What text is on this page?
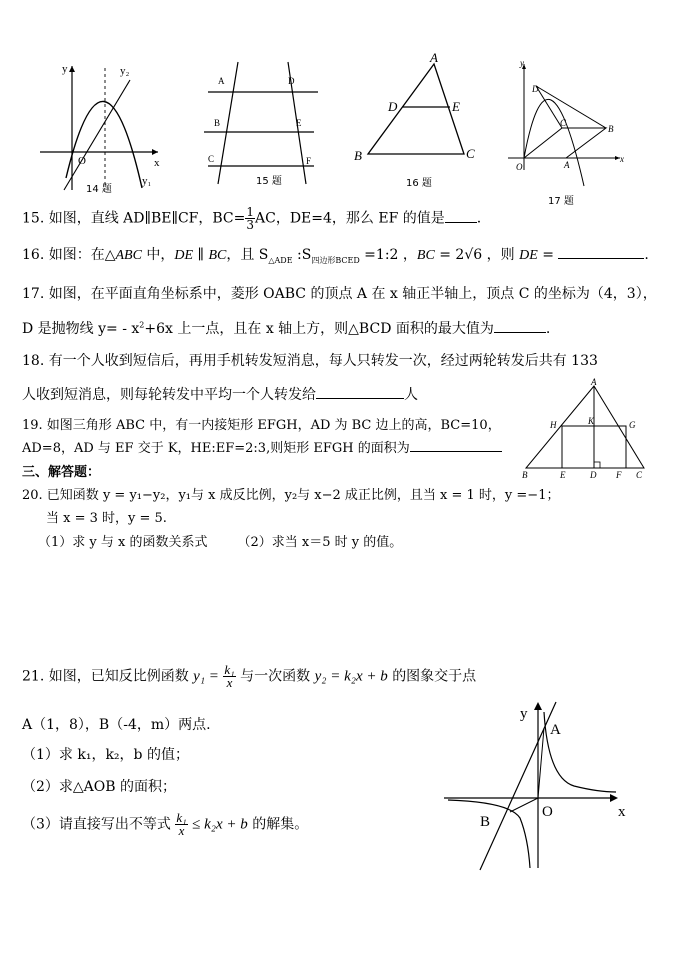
y	y₂
O	x
y₁
14 题
A	D
B	E
C	F
15 题
A
D	E
B	C
16 题
y
D
C
B
O	A
x
17 题
15. 如图，直线 AD∥BE∥CF，$BC= \frac{1}{3}$ AC，DE=4，那么 EF 的值是 .
16. 如图：在△ABC 中，DE ∥ BC，且 $S_{\triangle ADE}$ $:S_{四边形BCED}$ =1:2 ，BC = 2√6 ，则 DE =	.
17. 如图，在平面直角坐标系中，菱形 OABC 的顶点 A 在 x 轴正半轴上，顶点 C 的坐标为（4，3），
D 是抛物线 $y= - x^2+6x$ 上一点，且在 x 轴上方，则△BCD 面积的最大值为	.
18. 有一个人收到短信后，再用手机转发短消息，每人只转发一次，经过两轮转发后共有 133
人收到短消息，则每轮转发中平均一个人转发给	人
19. 如图三角形 ABC 中，有一内接矩形 EFGH，AD 为 BC 边上的高，BC=10，
AD=8，AD 与 EF 交于 K，HE:EF=2:3,则矩形 EFGH 的面积为
A
H	K	G
B	E	D F C
三、解答题：
20. 已知函数 y = y₁−y₂，y₁与 x 成反比例，y₂与 x−2 成正比例，且当 x = 1 时，y =−1；
当 x = 3 时，y = 5.
（1）求 y 与 x 的函数关系式 （2）求当 x＝5 时 y 的值。
21. 如图，已知反比例函数 $y_1 = \frac{\text{k₁}}{x}$ 与一次函数 y₂ = k₂x + b 的图象交于点
A（1，8），B（-4，m）两点.
（1）求 k₁，k₂，b 的值；
（2）求△AOB 的面积；
（3）请直接写出不等式 $\frac{\text{k₁}}{x} \le k_2x + b$ 的解集。
y
A
x
B
O
